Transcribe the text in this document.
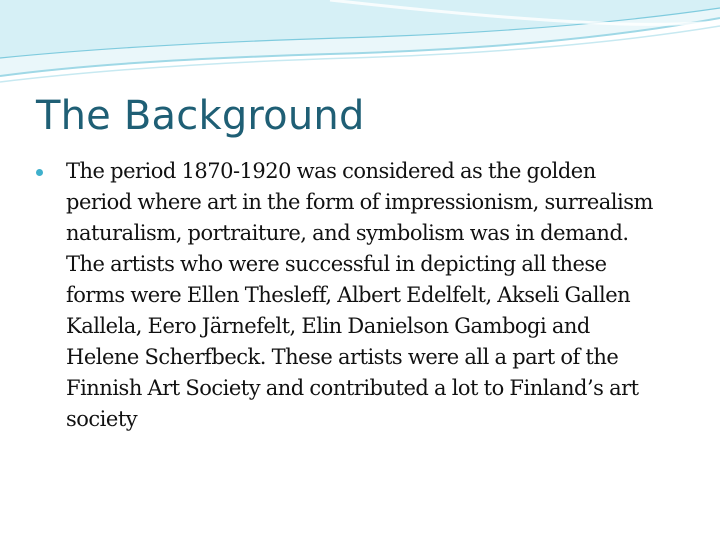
The Background
The period 1870-1920 was considered as the golden period where art in the form of impressionism, surrealism naturalism, portraiture, and symbolism was in demand. The artists who were successful in depicting all these forms were Ellen Thesleff, Albert Edelfelt, Akseli Gallen Kallela, Eero Järnefelt, Elin Danielson Gambogi and Helene Scherfbeck. These artists were all a part of the Finnish Art Society and contributed a lot to Finland’s art society
